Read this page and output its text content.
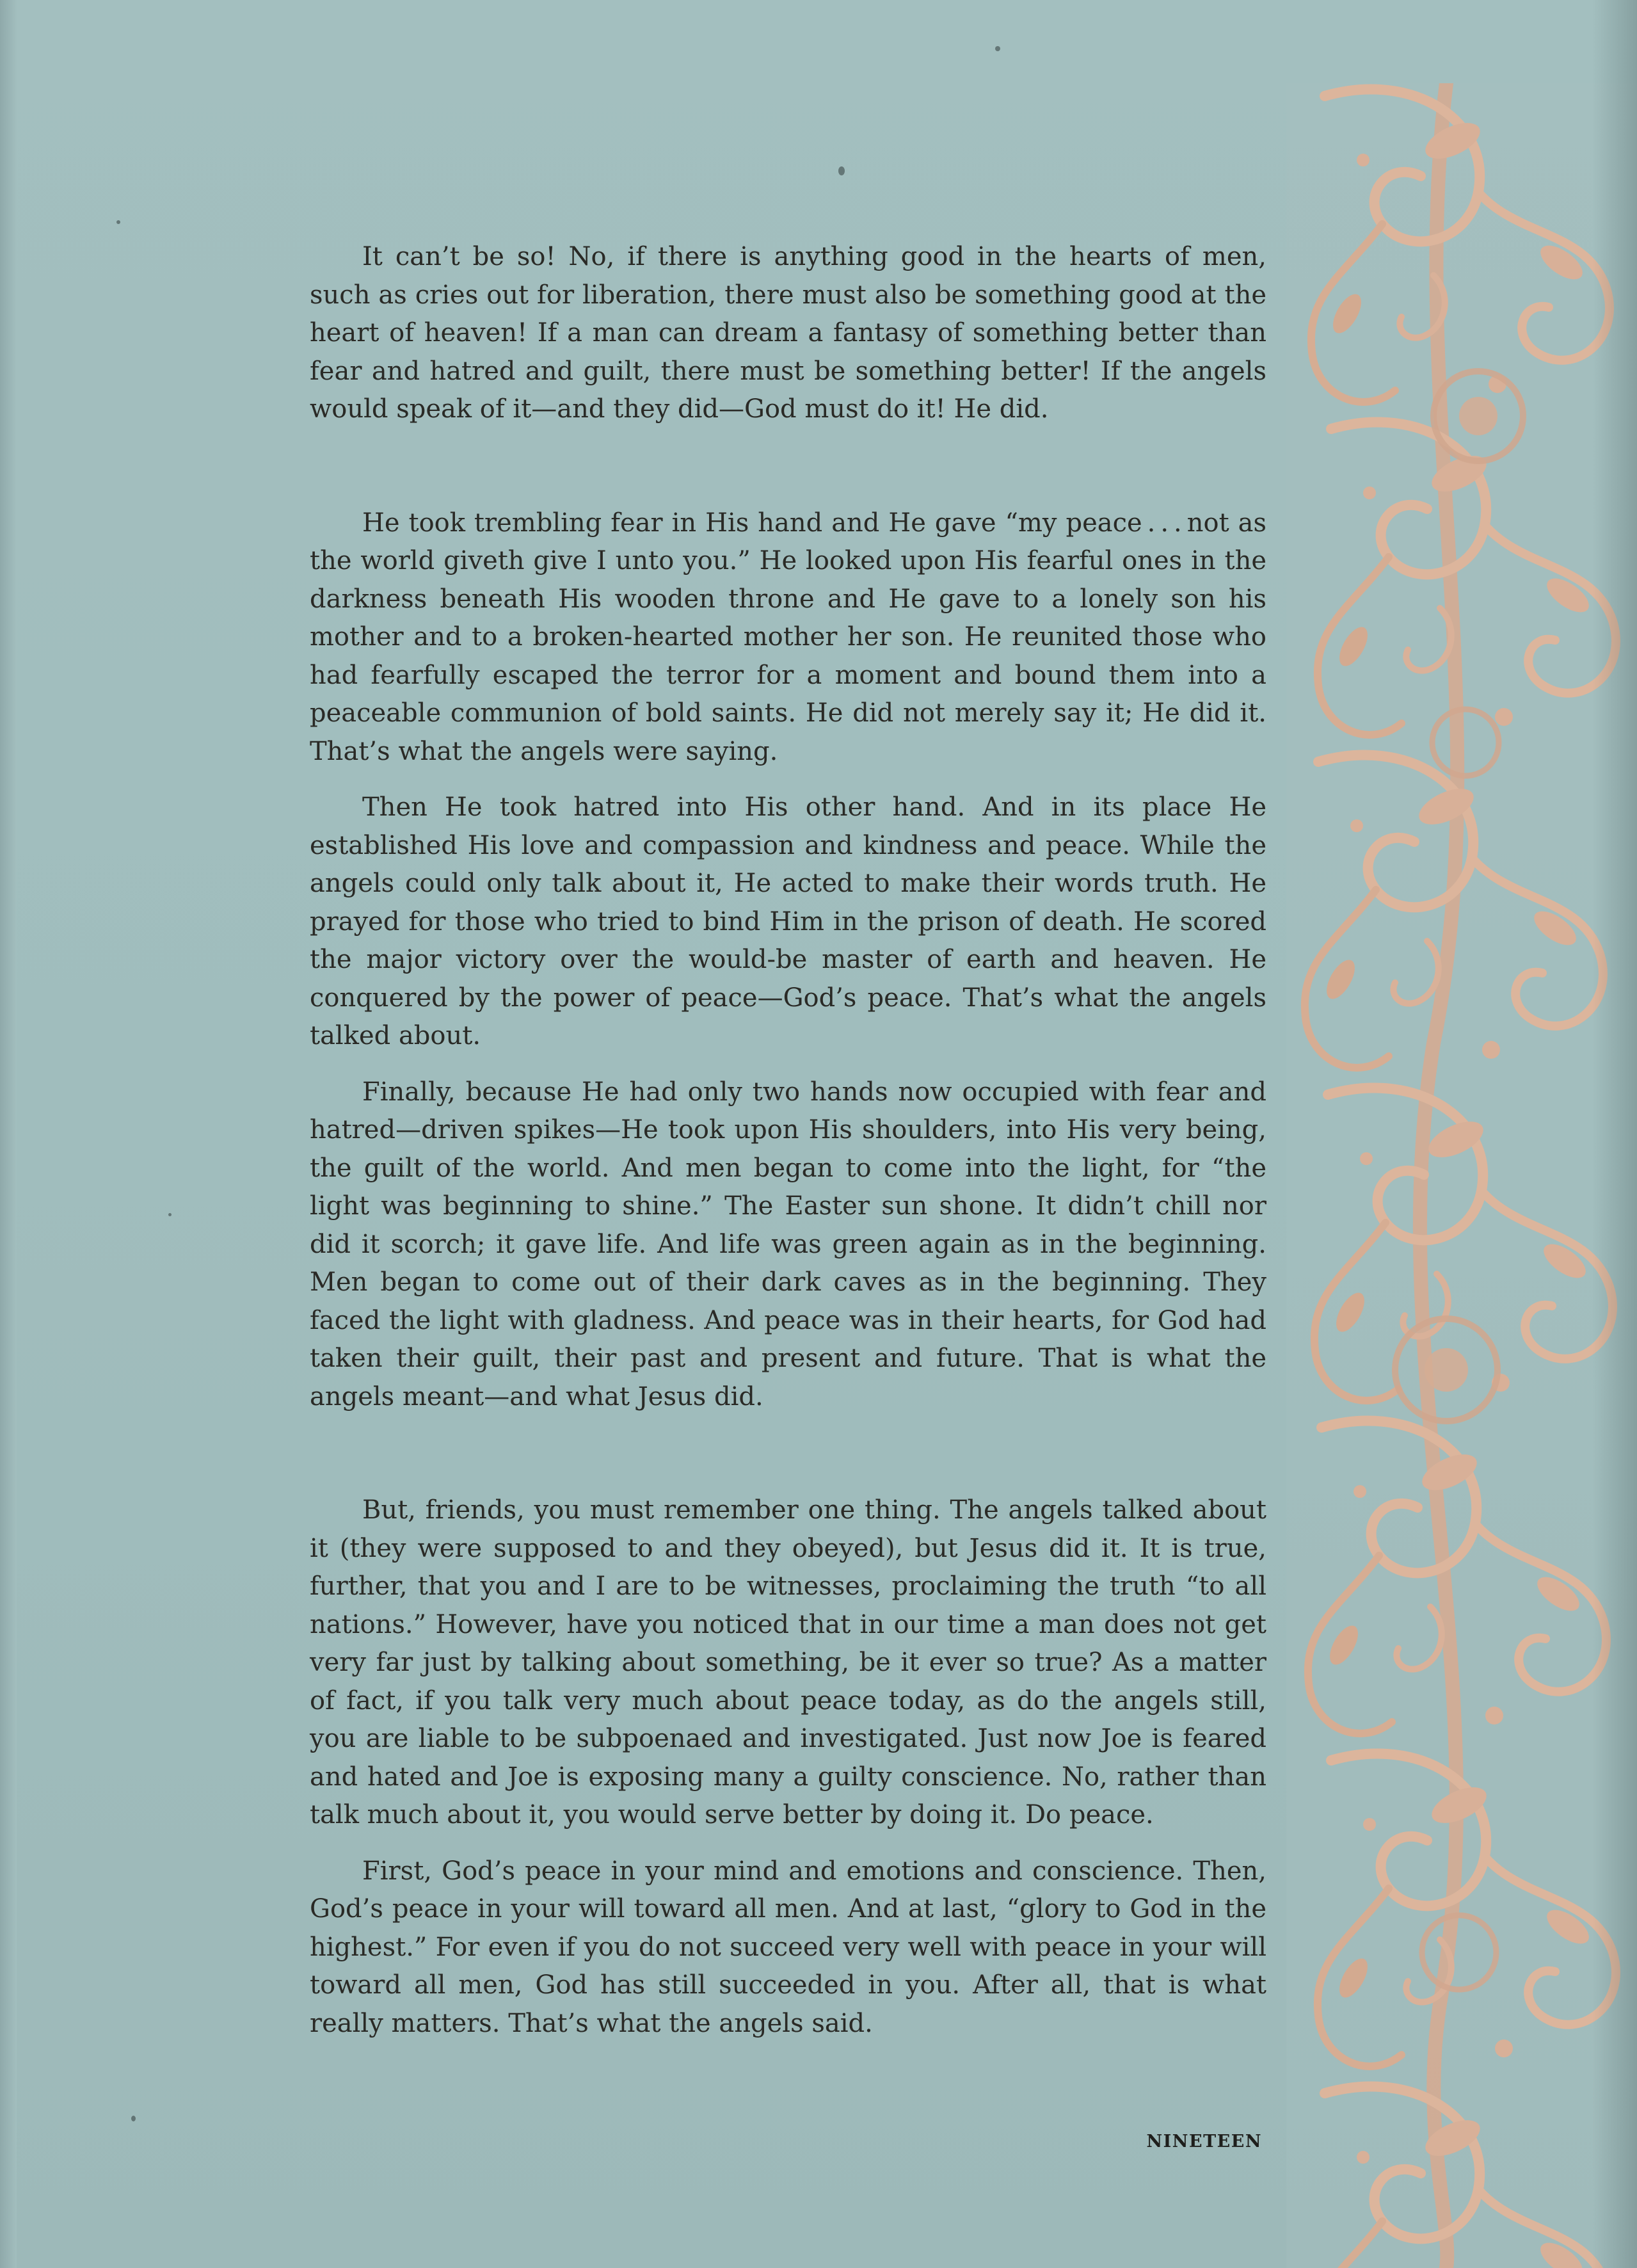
It can’t be so! No, if there is anything good in the hearts of men, such as cries out for liberation, there must also be something good at the heart of heaven! If a man can dream a fantasy of something better than fear and hatred and guilt, there must be something better! If the angels would speak of it—and they did—God must do it! He did.

He took trembling fear in His hand and He gave “my peace . . . not as the world giveth give I unto you.” He looked upon His fearful ones in the darkness beneath His wooden throne and He gave to a lonely son his mother and to a broken-hearted mother her son. He reunited those who had fearfully escaped the terror for a moment and bound them into a peaceable communion of bold saints. He did not merely say it; He did it. That’s what the angels were saying.

Then He took hatred into His other hand. And in its place He established His love and compassion and kindness and peace. While the angels could only talk about it, He acted to make their words truth. He prayed for those who tried to bind Him in the prison of death. He scored the major victory over the would-be master of earth and heaven. He conquered by the power of peace—God’s peace. That’s what the angels talked about.

Finally, because He had only two hands now occupied with fear and hatred—driven spikes—He took upon His shoulders, into His very being, the guilt of the world. And men began to come into the light, for “the light was beginning to shine.” The Easter sun shone. It didn’t chill nor did it scorch; it gave life. And life was green again as in the beginning. Men began to come out of their dark caves as in the beginning. They faced the light with gladness. And peace was in their hearts, for God had taken their guilt, their past and present and future. That is what the angels meant—and what Jesus did.

But, friends, you must remember one thing. The angels talked about it (they were supposed to and they obeyed), but Jesus did it. It is true, further, that you and I are to be witnesses, proclaiming the truth “to all nations.” However, have you noticed that in our time a man does not get very far just by talking about something, be it ever so true? As a matter of fact, if you talk very much about peace today, as do the angels still, you are liable to be subpoenaed and investigated. Just now Joe is feared and hated and Joe is exposing many a guilty conscience. No, rather than talk much about it, you would serve better by doing it. Do peace.

First, God’s peace in your mind and emotions and conscience. Then, God’s peace in your will toward all men. And at last, “glory to God in the highest.” For even if you do not succeed very well with peace in your will toward all men, God has still succeeded in you. After all, that is what really matters. That’s what the angels said.

NINETEEN
